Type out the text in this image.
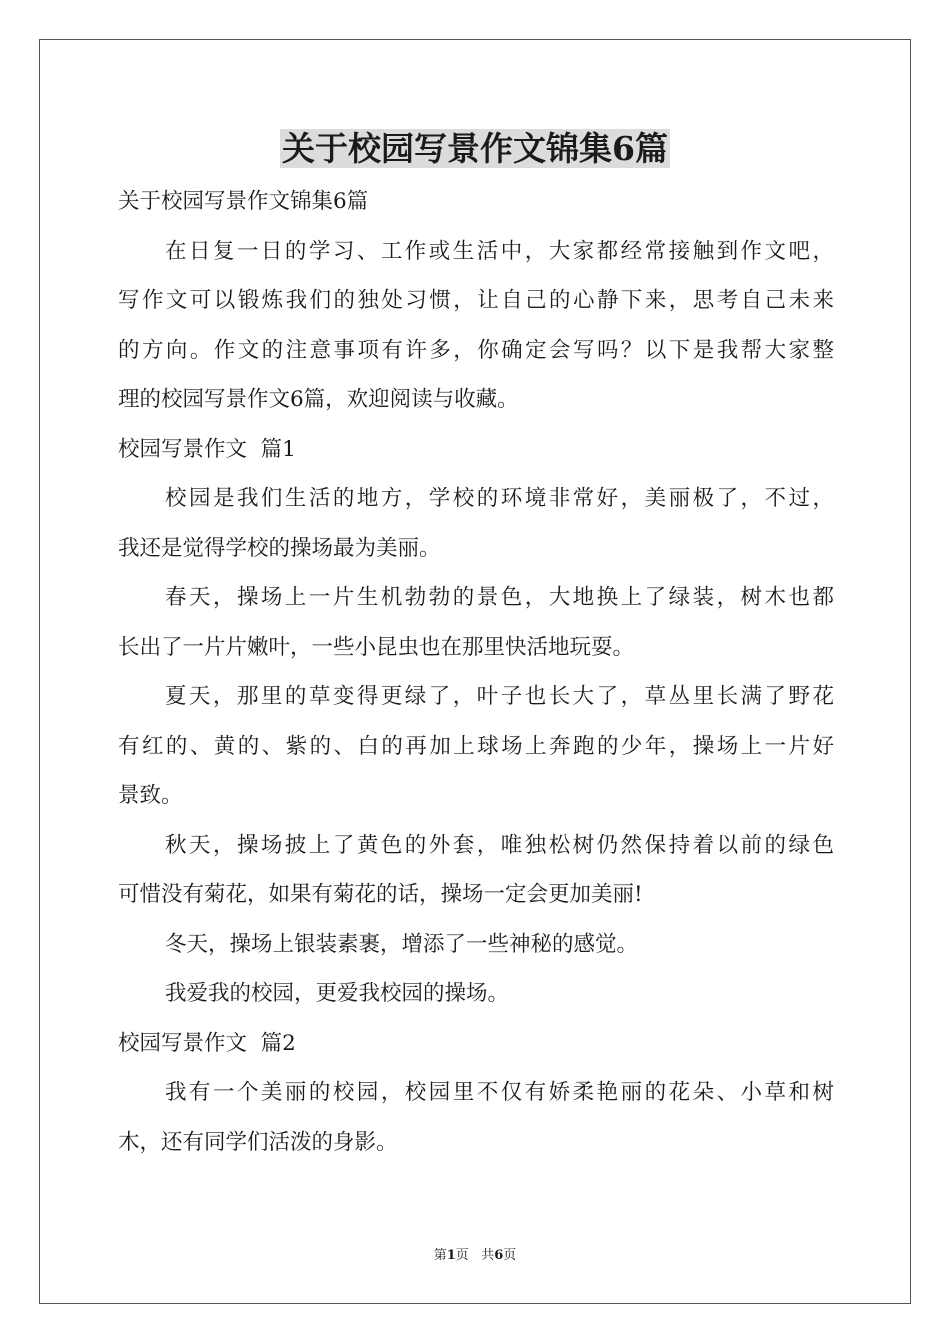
关于校园写景作文锦集6篇
关于校园写景作文锦集6篇
在日复一日的学习、工作或生活中，大家都经常接触到作文吧，
写作文可以锻炼我们的独处习惯，让自己的心静下来，思考自己未来
的方向。作文的注意事项有许多，你确定会写吗？以下是我帮大家整
理的校园写景作文6篇，欢迎阅读与收藏。
校园写景作文  篇1
校园是我们生活的地方，学校的环境非常好，美丽极了，不过，
我还是觉得学校的操场最为美丽。
春天，操场上一片生机勃勃的景色，大地换上了绿装，树木也都
长出了一片片嫩叶，一些小昆虫也在那里快活地玩耍。
夏天，那里的草变得更绿了，叶子也长大了，草丛里长满了野花
有红的、黄的、紫的、白的再加上球场上奔跑的少年，操场上一片好
景致。
秋天，操场披上了黄色的外套，唯独松树仍然保持着以前的绿色
可惜没有菊花，如果有菊花的话，操场一定会更加美丽!
冬天，操场上银装素裹，增添了一些神秘的感觉。
我爱我的校园，更爱我校园的操场。
校园写景作文  篇2
我有一个美丽的校园，校园里不仅有娇柔艳丽的花朵、小草和树
木，还有同学们活泼的身影。
第1页 共6页
